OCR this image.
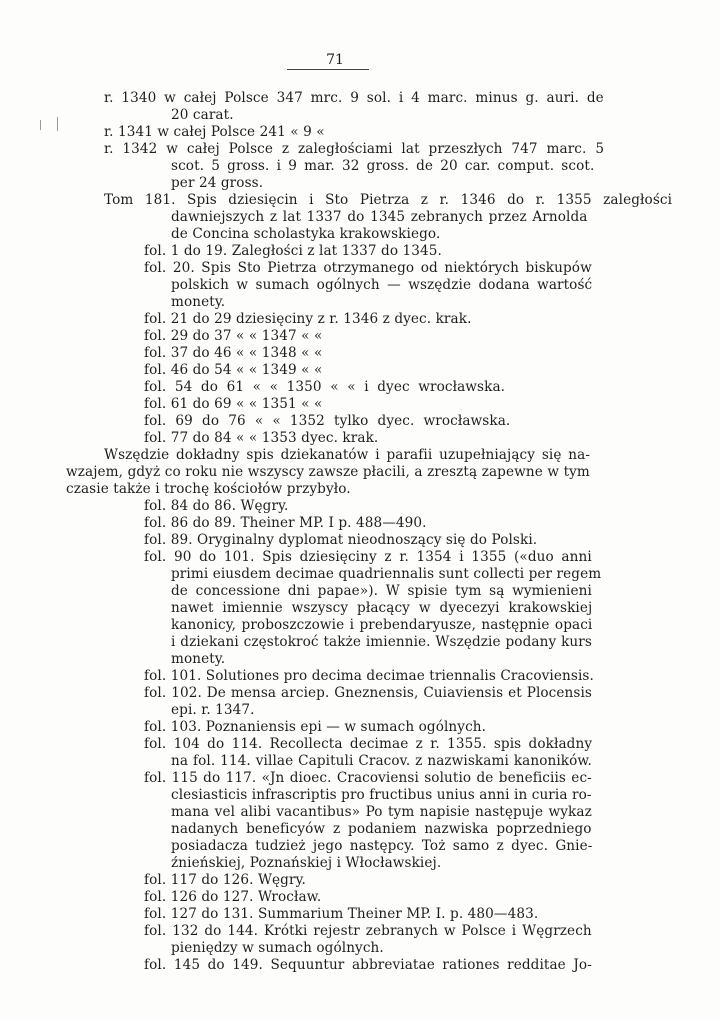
71
r. 1340 w całej Polsce 347 mrc. 9 sol. i 4 marc. minus g. auri. de
20 carat.
r. 1341 w całej Polsce 241 « 9 «
r. 1342 w całej Polsce z zaległościami lat przeszłych 747 marc. 5
scot. 5 gross. i 9 mar. 32 gross. de 20 car. comput. scot.
per 24 gross.
Tom 181. Spis dziesięcin i Sto Pietrza z r. 1346 do r. 1355 zaległości
dawniejszych z lat 1337 do 1345 zebranych przez Arnolda
de Concina scholastyka krakowskiego.
fol. 1 do 19. Zaległości z lat 1337 do 1345.
fol. 20. Spis Sto Pietrza otrzymanego od niektórych biskupów
polskich w sumach ogólnych — wszędzie dodana wartość
monety.
fol. 21 do 29 dziesięciny z r. 1346 z dyec. krak.
fol. 29 do 37 « « 1347 « «
fol. 37 do 46 « « 1348 « «
fol. 46 do 54 « « 1349 « «
fol. 54 do 61 « « 1350 « « i dyec wrocławska.
fol. 61 do 69 « « 1351 « «
fol. 69 do 76 « « 1352 tylko dyec. wrocławska.
fol. 77 do 84 « « 1353 dyec. krak.
Wszędzie dokładny spis dziekanatów i parafii uzupełniający się na-
wzajem, gdyż co roku nie wszyscy zawsze płacili, a zresztą zapewne w tym
czasie także i trochę kościołów przybyło.
fol. 84 do 86. Węgry.
fol. 86 do 89. Theiner MP. I p. 488—490.
fol. 89. Oryginalny dyplomat nieodnoszący się do Polski.
fol. 90 do 101. Spis dziesięciny z r. 1354 i 1355 («duo anni
primi eiusdem decimae quadriennalis sunt collecti per regem
de concessione dni papae»). W spisie tym są wymienieni
nawet imiennie wszyscy płacący w dyecezyi krakowskiej
kanonicy, proboszczowie i prebendaryusze, następnie opaci
i dziekani częstokroć także imiennie. Wszędzie podany kurs
monety.
fol. 101. Solutiones pro decima decimae triennalis Cracoviensis.
fol. 102. De mensa arciep. Gneznensis, Cuiaviensis et Plocensis
epi. r. 1347.
fol. 103. Poznaniensis epi — w sumach ogólnych.
fol. 104 do 114. Recollecta decimae z r. 1355. spis dokładny
na fol. 114. villae Capituli Cracov. z nazwiskami kanoników.
fol. 115 do 117. «Jn dioec. Cracoviensi solutio de beneficiis ec-
clesiasticis infrascriptis pro fructibus unius anni in curia ro-
mana vel alibi vacantibus» Po tym napisie następuje wykaz
nadanych beneficyów z podaniem nazwiska poprzedniego
posiadacza tudzież jego następcy. Toż samo z dyec. Gnie-
źnieńskiej, Poznańskiej i Włocławskiej.
fol. 117 do 126. Węgry.
fol. 126 do 127. Wrocław.
fol. 127 do 131. Summarium Theiner MP. I. p. 480—483.
fol. 132 do 144. Krótki rejestr zebranych w Polsce i Węgrzech
pieniędzy w sumach ogólnych.
fol. 145 do 149. Sequuntur abbreviatae rationes redditae Jo-
